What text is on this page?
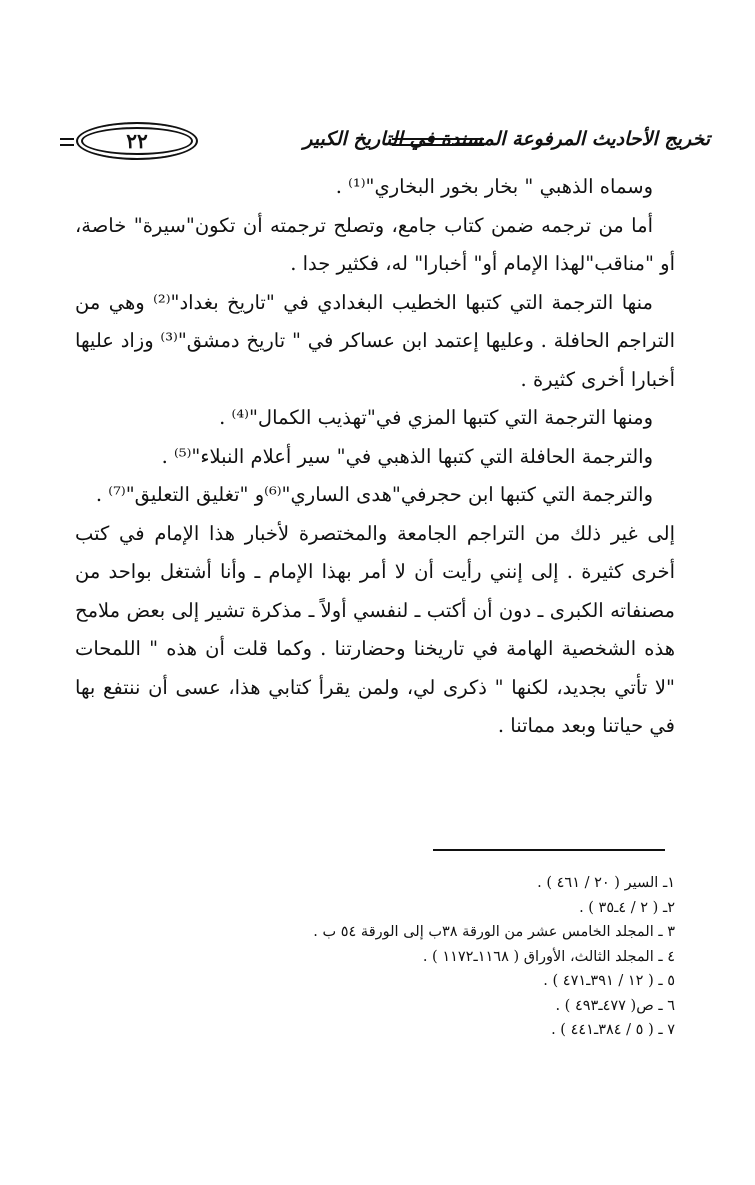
٢٢	تخريج الأحاديث المرفوعة المسندة في التاريخ الكبير

وسماه الذهبي " بخار بخور البخاري"⁽¹⁾ .

أما من ترجمه ضمن كتاب جامع، وتصلح ترجمته أن تكون"سيرة" خاصة، أو "مناقب"لهذا الإمام أو" أخبارا" له، فكثير جدا .

منها الترجمة التي كتبها الخطيب البغدادي في "تاريخ بغداد"⁽²⁾ وهي من التراجم الحافلة . وعليها إعتمد ابن عساكر في " تاريخ دمشق"⁽³⁾ وزاد عليها أخبارا أخرى كثيرة .

ومنها الترجمة التي كتبها المزي في"تهذيب الكمال"⁽⁴⁾ .

والترجمة الحافلة التي كتبها الذهبي في" سير أعلام النبلاء"⁽⁵⁾ .

والترجمة التي كتبها ابن حجرفي"هدى الساري"⁽⁶⁾و "تغليق التعليق"⁽⁷⁾ .

إلى غير ذلك من التراجم الجامعة والمختصرة لأخبار هذا الإمام في كتب أخرى كثيرة . إلى إنني رأيت أن لا أمر بهذا الإمام ـ وأنا أشتغل بواحد من مصنفاته الكبرى ـ دون أن أكتب ـ لنفسي أولاً ـ مذكرة تشير إلى بعض ملامح هذه الشخصية الهامة في تاريخنا وحضارتنا . وكما قلت أن هذه " اللمحات "لا تأتي بجديد، لكنها " ذكرى لي، ولمن يقرأ كتابي هذا، عسى أن ننتفع بها في حياتنا وبعد مماتنا .

١ـ السير ( ٢٠ / ٤٦١ ) .
٢ـ ( ٢ / ٤ـ٣٥ ) .
٣ ـ المجلد الخامس عشر من الورقة ٣٨ب إلى الورقة ٥٤ ب .
٤ ـ المجلد الثالث، الأوراق ( ١١٦٨ـ١١٧٢ ) .
٥ ـ ( ١٢ / ٣٩١ـ٤٧١ ) .
٦ ـ ص( ٤٧٧ـ٤٩٣ ) .
٧ ـ ( ٥ / ٣٨٤ـ٤٤١ ) .
